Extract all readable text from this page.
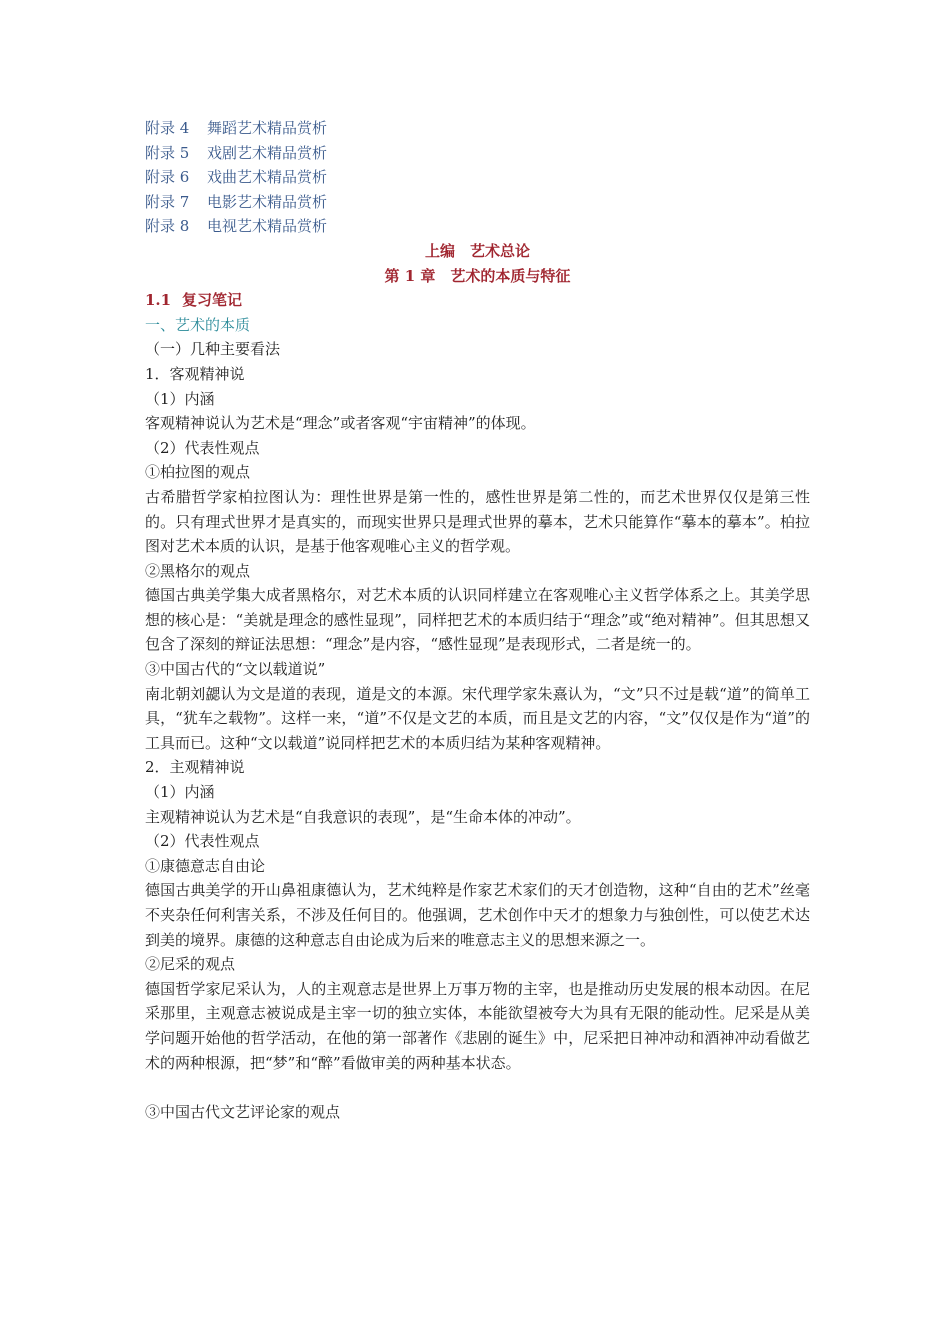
附录 4 舞蹈艺术精品赏析
附录 5 戏剧艺术精品赏析
附录 6 戏曲艺术精品赏析
附录 7 电影艺术精品赏析
附录 8 电视艺术精品赏析
上编　艺术总论
第 1 章　艺术的本质与特征
1.1 复习笔记
一、艺术的本质
（一）几种主要看法
1．客观精神说
（1）内涵
客观精神说认为艺术是“理念”或者客观“宇宙精神”的体现。
（2）代表性观点
①柏拉图的观点
古希腊哲学家柏拉图认为：理性世界是第一性的，感性世界是第二性的，而艺术世界仅仅是第三性的。只有理式世界才是真实的，而现实世界只是理式世界的摹本，艺术只能算作“摹本的摹本”。柏拉图对艺术本质的认识，是基于他客观唯心主义的哲学观。
②黑格尔的观点
德国古典美学集大成者黑格尔，对艺术本质的认识同样建立在客观唯心主义哲学体系之上。其美学思想的核心是：“美就是理念的感性显现”，同样把艺术的本质归结于“理念”或“绝对精神”。但其思想又包含了深刻的辩证法思想：“理念”是内容，“感性显现”是表现形式，二者是统一的。
③中国古代的“文以载道说”
南北朝刘勰认为文是道的表现，道是文的本源。宋代理学家朱熹认为，“文”只不过是载“道”的简单工具，“犹车之载物”。这样一来，“道”不仅是文艺的本质，而且是文艺的内容，“文”仅仅是作为“道”的工具而已。这种“文以载道”说同样把艺术的本质归结为某种客观精神。
2．主观精神说
（1）内涵
主观精神说认为艺术是“自我意识的表现”，是“生命本体的冲动”。
（2）代表性观点
①康德意志自由论
德国古典美学的开山鼻祖康德认为，艺术纯粹是作家艺术家们的天才创造物，这种“自由的艺术”丝毫不夹杂任何利害关系，不涉及任何目的。他强调，艺术创作中天才的想象力与独创性，可以使艺术达到美的境界。康德的这种意志自由论成为后来的唯意志主义的思想来源之一。
②尼采的观点
德国哲学家尼采认为，人的主观意志是世界上万事万物的主宰，也是推动历史发展的根本动因。在尼采那里，主观意志被说成是主宰一切的独立实体，本能欲望被夸大为具有无限的能动性。尼采是从美学问题开始他的哲学活动，在他的第一部著作《悲剧的诞生》中，尼采把日神冲动和酒神冲动看做艺术的两种根源，把“梦”和“醉”看做审美的两种基本状态。
③中国古代文艺评论家的观点
